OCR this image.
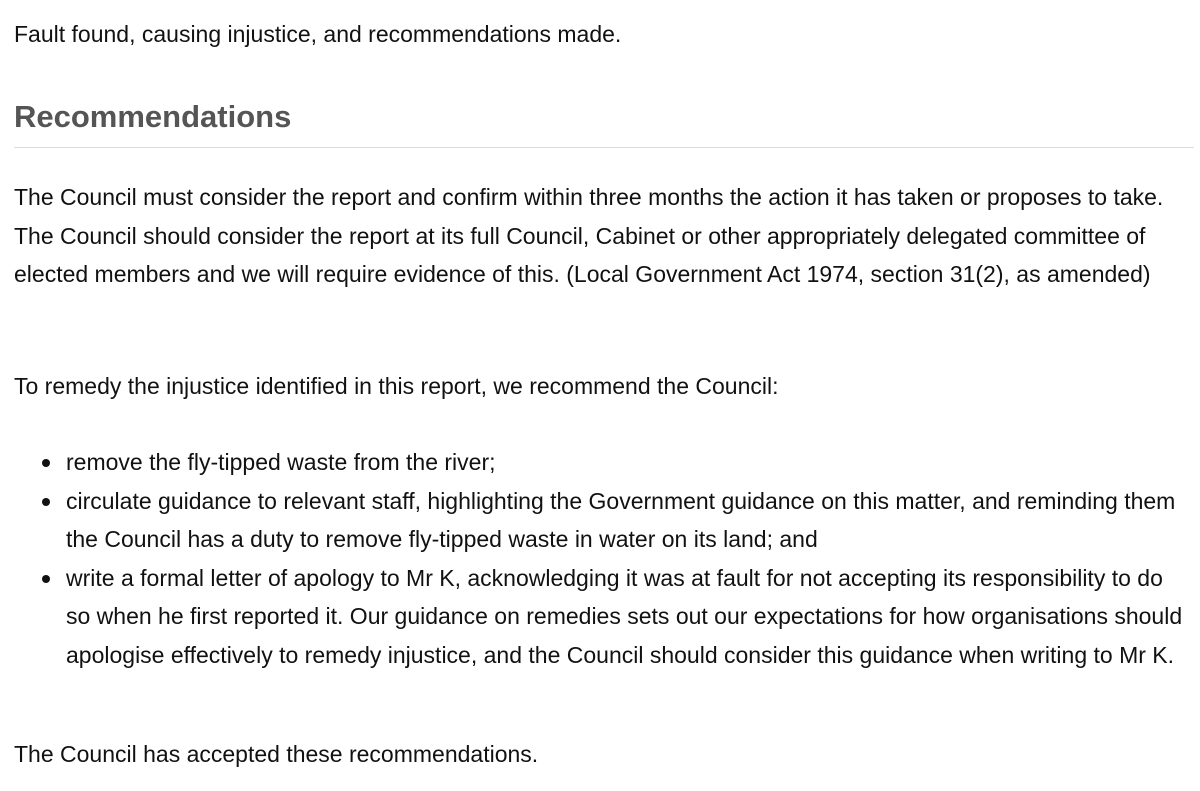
Fault found, causing injustice, and recommendations made.

Recommendations

The Council must consider the report and confirm within three months the action it has taken or proposes to take. The Council should consider the report at its full Council, Cabinet or other appropriately delegated committee of elected members and we will require evidence of this. (Local Government Act 1974, section 31(2), as amended)

To remedy the injustice identified in this report, we recommend the Council:

remove the fly-tipped waste from the river;
circulate guidance to relevant staff, highlighting the Government guidance on this matter, and reminding them the Council has a duty to remove fly-tipped waste in water on its land; and
write a formal letter of apology to Mr K, acknowledging it was at fault for not accepting its responsibility to do so when he first reported it. Our guidance on remedies sets out our expectations for how organisations should apologise effectively to remedy injustice, and the Council should consider this guidance when writing to Mr K.

The Council has accepted these recommendations.
